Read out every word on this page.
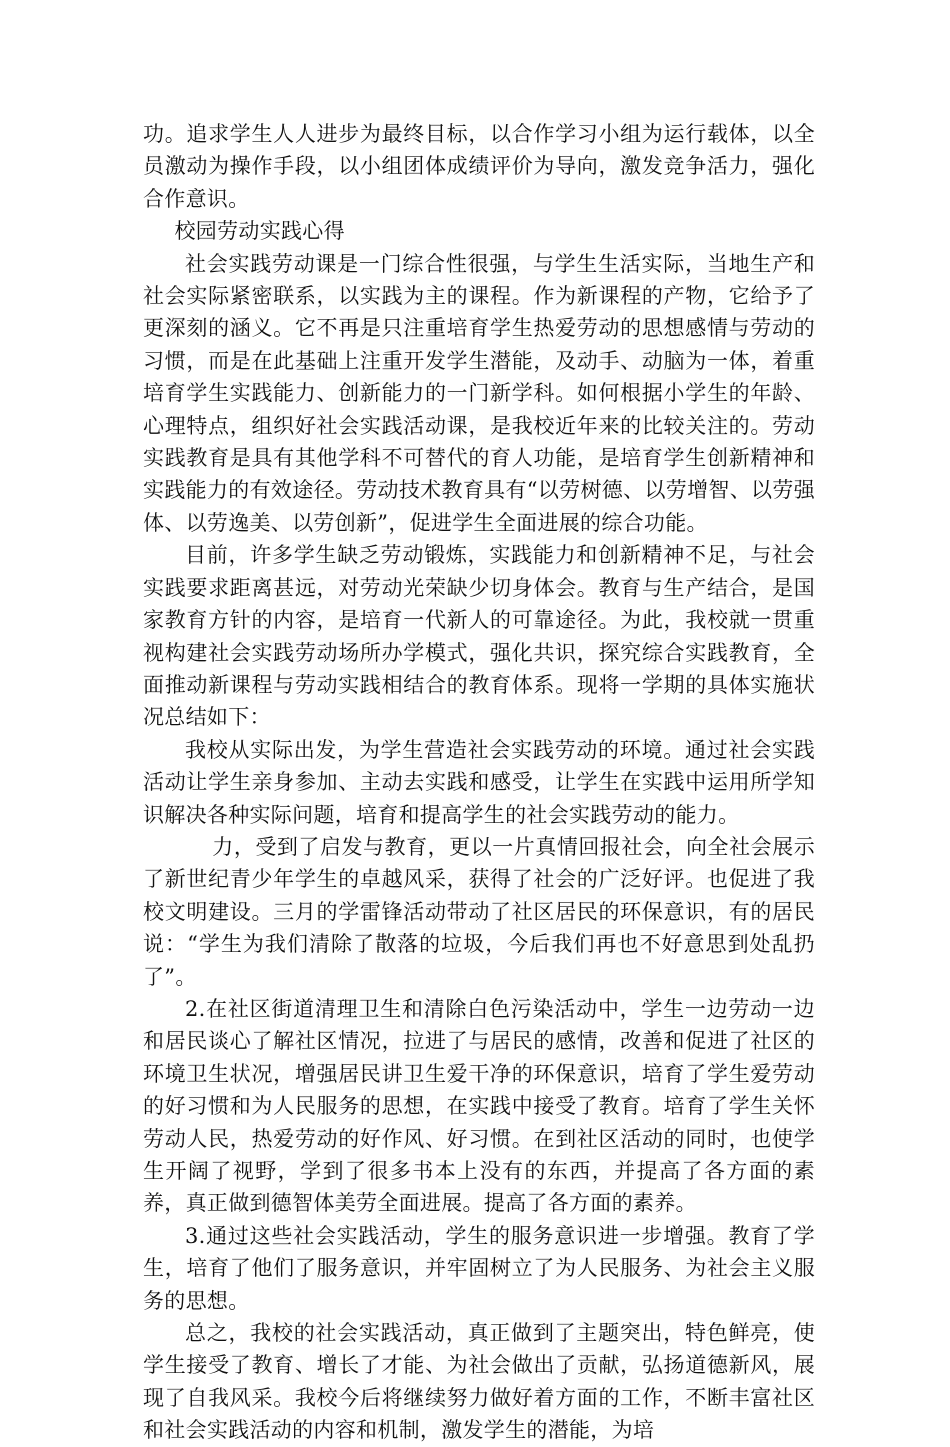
功。追求学生人人进步为最终目标，以合作学习小组为运行载体，以全员激动为操作手段，以小组团体成绩评价为导向，激发竞争活力，强化合作意识。

校园劳动实践心得

社会实践劳动课是一门综合性很强，与学生生活实际，当地生产和社会实际紧密联系，以实践为主的课程。作为新课程的产物，它给予了更深刻的涵义。它不再是只注重培育学生热爱劳动的思想感情与劳动的习惯，而是在此基础上注重开发学生潜能，及动手、动脑为一体，着重培育学生实践能力、创新能力的一门新学科。如何根据小学生的年龄、心理特点，组织好社会实践活动课，是我校近年来的比较关注的。劳动实践教育是具有其他学科不可替代的育人功能，是培育学生创新精神和实践能力的有效途径。劳动技术教育具有“以劳树德、以劳增智、以劳强体、以劳逸美、以劳创新”，促进学生全面进展的综合功能。

目前，许多学生缺乏劳动锻炼，实践能力和创新精神不足，与社会实践要求距离甚远，对劳动光荣缺少切身体会。教育与生产结合，是国家教育方针的内容，是培育一代新人的可靠途径。为此，我校就一贯重视构建社会实践劳动场所办学模式，强化共识，探究综合实践教育，全面推动新课程与劳动实践相结合的教育体系。现将一学期的具体实施状况总结如下：

我校从实际出发，为学生营造社会实践劳动的环境。通过社会实践活动让学生亲身参加、主动去实践和感受，让学生在实践中运用所学知识解决各种实际问题，培育和提高学生的社会实践劳动的能力。

力，受到了启发与教育，更以一片真情回报社会，向全社会展示了新世纪青少年学生的卓越风采，获得了社会的广泛好评。也促进了我校文明建设。三月的学雷锋活动带动了社区居民的环保意识，有的居民说：“学生为我们清除了散落的垃圾，今后我们再也不好意思到处乱扔了”。

2.在社区街道清理卫生和清除白色污染活动中，学生一边劳动一边和居民谈心了解社区情况，拉进了与居民的感情，改善和促进了社区的环境卫生状况，增强居民讲卫生爱干净的环保意识，培育了学生爱劳动的好习惯和为人民服务的思想，在实践中接受了教育。培育了学生关怀劳动人民，热爱劳动的好作风、好习惯。在到社区活动的同时，也使学生开阔了视野，学到了很多书本上没有的东西，并提高了各方面的素养，真正做到德智体美劳全面进展。提高了各方面的素养。

3.通过这些社会实践活动，学生的服务意识进一步增强。教育了学生，培育了他们了服务意识，并牢固树立了为人民服务、为社会主义服务的思想。

总之，我校的社会实践活动，真正做到了主题突出，特色鲜亮，使学生接受了教育、增长了才能、为社会做出了贡献，弘扬道德新风，展现了自我风采。我校今后将继续努力做好着方面的工作，不断丰富社区和社会实践活动的内容和机制，激发学生的潜能，为培
